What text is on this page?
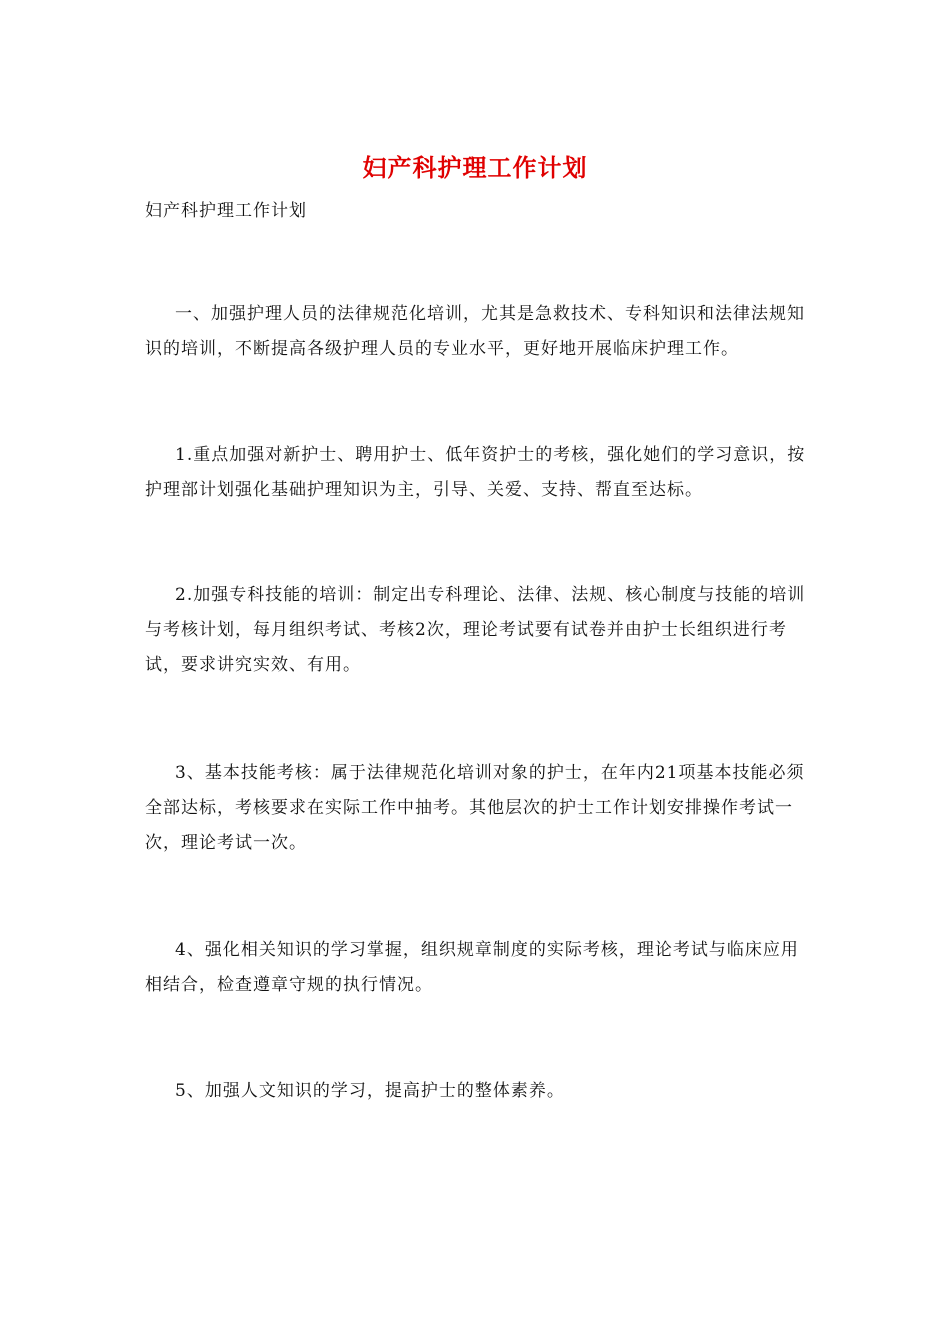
妇产科护理工作计划
妇产科护理工作计划

一、加强护理人员的法律规范化培训，尤其是急救技术、专科知识和法律法规知识的培训，不断提高各级护理人员的专业水平，更好地开展临床护理工作。

1.重点加强对新护士、聘用护士、低年资护士的考核，强化她们的学习意识，按护理部计划强化基础护理知识为主，引导、关爱、支持、帮直至达标。

2.加强专科技能的培训：制定出专科理论、法律、法规、核心制度与技能的培训与考核计划，每月组织考试、考核2次，理论考试要有试卷并由护士长组织进行考试，要求讲究实效、有用。

3、基本技能考核：属于法律规范化培训对象的护士，在年内21项基本技能必须全部达标，考核要求在实际工作中抽考。其他层次的护士工作计划安排操作考试一次，理论考试一次。

4、强化相关知识的学习掌握，组织规章制度的实际考核，理论考试与临床应用相结合，检查遵章守规的执行情况。

5、加强人文知识的学习，提高护士的整体素养。
